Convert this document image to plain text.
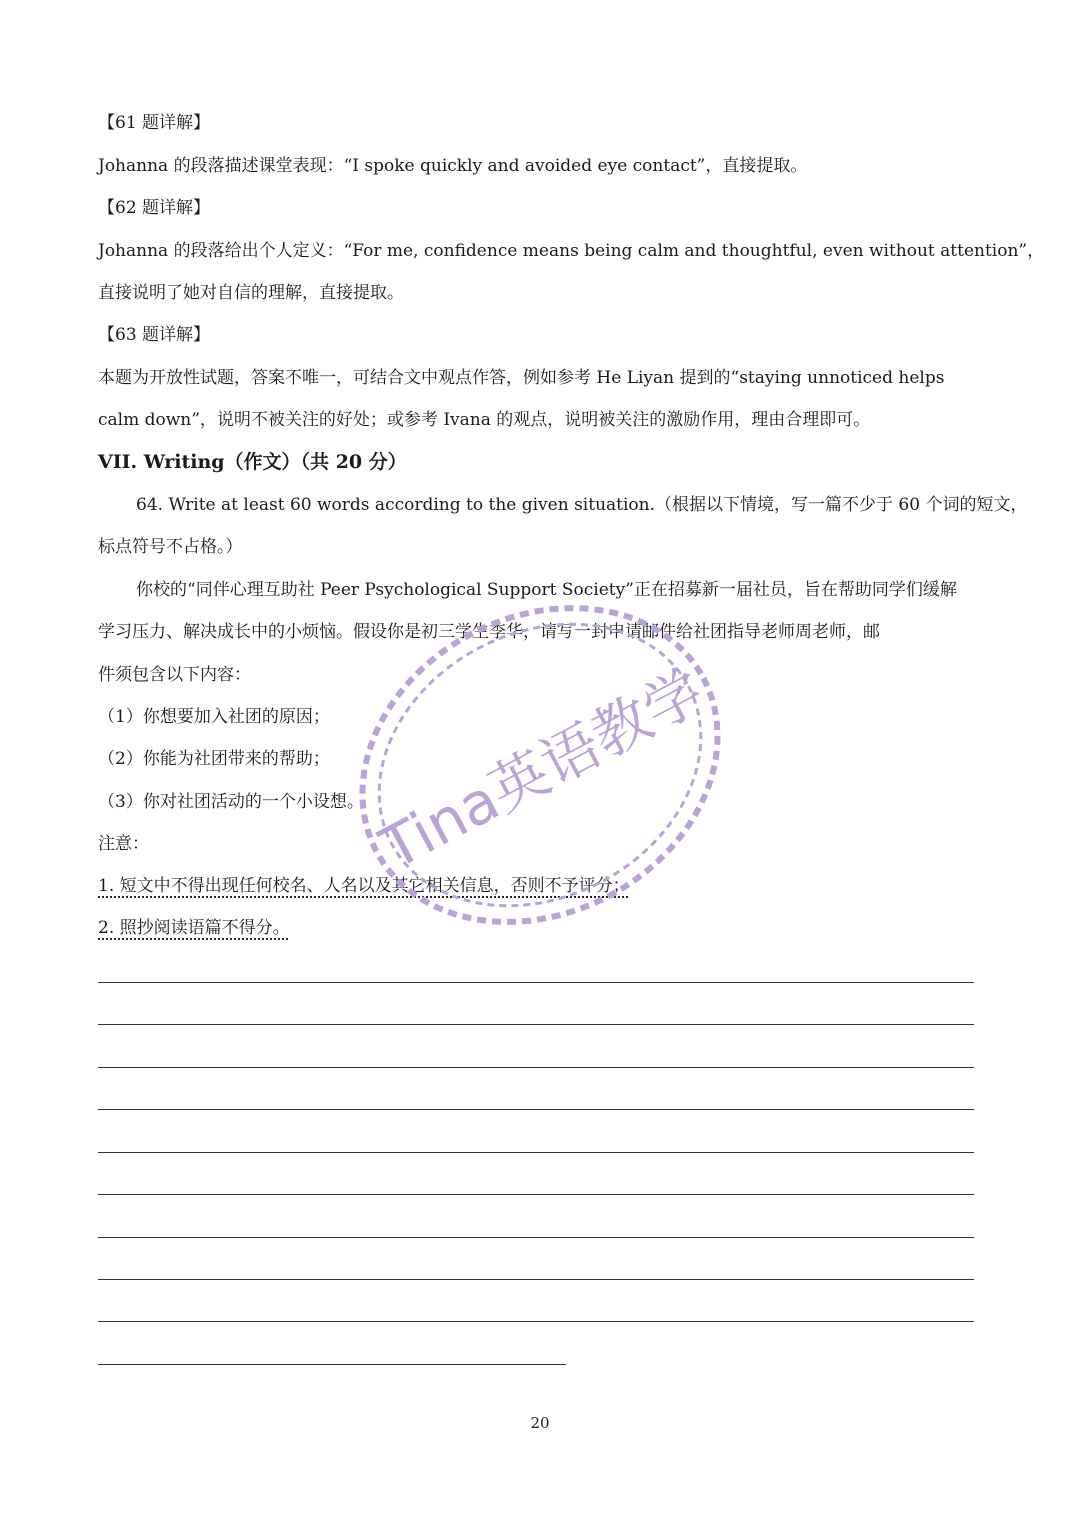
【61 题详解】
Johanna 的段落描述课堂表现：“I spoke quickly and avoided eye contact”，直接提取。
【62 题详解】
Johanna 的段落给出个人定义：“For me, confidence means being calm and thoughtful, even without attention”，
直接说明了她对自信的理解，直接提取。
【63 题详解】
本题为开放性试题，答案不唯一，可结合文中观点作答，例如参考 He Liyan 提到的“staying unnoticed helps
calm down”，说明不被关注的好处；或参考 Ivana 的观点，说明被关注的激励作用，理由合理即可。
VII. Writing（作文）（共 20 分）
64. Write at least 60 words according to the given situation.（根据以下情境，写一篇不少于 60 个词的短文，
标点符号不占格。）
你校的“同伴心理互助社 Peer Psychological Support Society”正在招募新一届社员，旨在帮助同学们缓解
学习压力、解决成长中的小烦恼。假设你是初三学生李华，请写一封申请邮件给社团指导老师周老师，邮
件须包含以下内容：
（1）你想要加入社团的原因；
（2）你能为社团带来的帮助；
（3）你对社团活动的一个小设想。
注意：
1. 短文中不得出现任何校名、人名以及其它相关信息，否则不予评分；
2. 照抄阅读语篇不得分。
20
Tina英语教学
